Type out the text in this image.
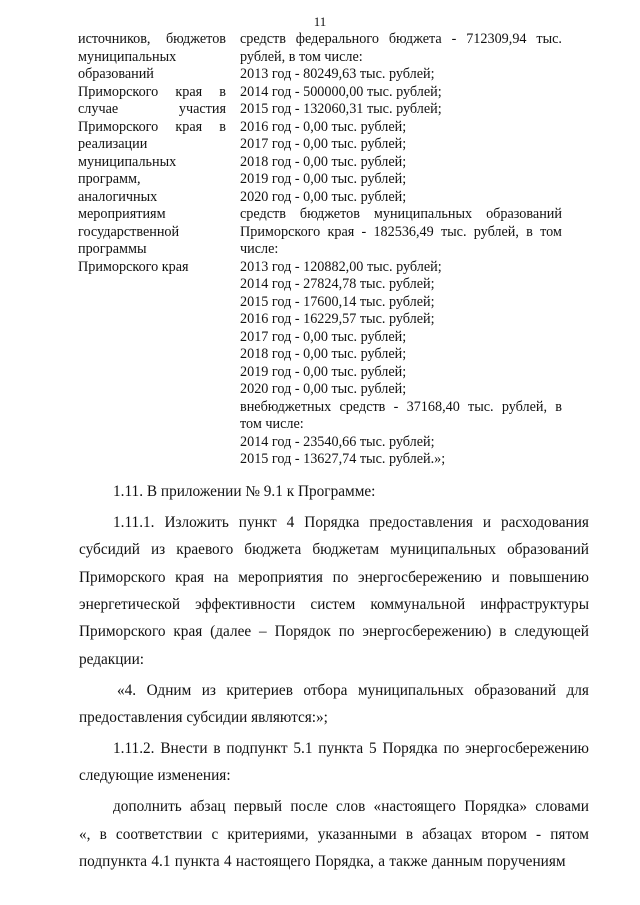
11
источников, бюджетов
муниципальных
образований
Приморского края в
случае	участия
Приморского края в
реализации
муниципальных
программ,
аналогичных
мероприятиям
государственной
программы
Приморского края
средств федерального бюджета - 712309,94 тыс.
рублей, в том числе:
2013 год - 80249,63 тыс. рублей;
2014 год - 500000,00 тыс. рублей;
2015 год - 132060,31 тыс. рублей;
2016 год - 0,00 тыс. рублей;
2017 год - 0,00 тыс. рублей;
2018 год - 0,00 тыс. рублей;
2019 год - 0,00 тыс. рублей;
2020 год - 0,00 тыс. рублей;
средств бюджетов муниципальных образований
Приморского края - 182536,49 тыс. рублей, в том
числе:
2013 год - 120882,00 тыс. рублей;
2014 год - 27824,78 тыс. рублей;
2015 год - 17600,14 тыс. рублей;
2016 год - 16229,57 тыс. рублей;
2017 год - 0,00 тыс. рублей;
2018 год - 0,00 тыс. рублей;
2019 год - 0,00 тыс. рублей;
2020 год - 0,00 тыс. рублей;
внебюджетных средств - 37168,40 тыс. рублей, в
том числе:
2014 год - 23540,66 тыс. рублей;
2015 год - 13627,74 тыс. рублей.»;
1.11. В приложении № 9.1 к Программе:
1.11.1. Изложить пункт 4 Порядка предоставления и расходования
субсидий из краевого бюджета бюджетам муниципальных образований
Приморского края на мероприятия по энергосбережению и повышению
энергетической эффективности систем коммунальной инфраструктуры
Приморского края (далее – Порядок по энергосбережению) в следующей
редакции:
«4. Одним из критериев отбора муниципальных образований для
предоставления субсидии являются:»;
1.11.2. Внести в подпункт 5.1 пункта 5 Порядка по энергосбережению
следующие изменения:
дополнить абзац первый после слов «настоящего Порядка» словами
«, в соответствии с критериями, указанными в абзацах втором - пятом
подпункта 4.1 пункта 4 настоящего Порядка, а также данным поручениям
